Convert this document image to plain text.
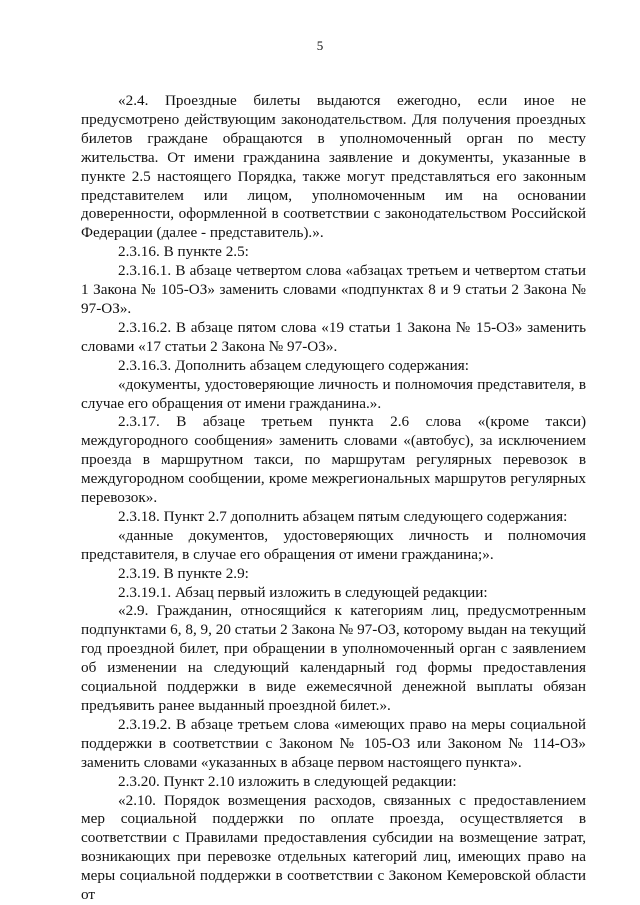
5

«2.4. Проездные билеты выдаются ежегодно, если иное не предусмотрено действующим законодательством. Для получения проездных билетов граждане обращаются в уполномоченный орган по месту жительства. От имени гражданина заявление и документы, указанные в пункте 2.5 настоящего Порядка, также могут представляться его законным представителем или лицом, уполномоченным им на основании доверенности, оформленной в соответствии с законодательством Российской Федерации (далее - представитель).».

2.3.16. В пункте 2.5:

2.3.16.1. В абзаце четвертом слова «абзацах третьем и четвертом статьи 1 Закона № 105-ОЗ» заменить словами «подпунктах 8 и 9 статьи 2 Закона № 97-ОЗ».

2.3.16.2. В абзаце пятом слова «19 статьи 1 Закона № 15-ОЗ» заменить словами «17 статьи 2 Закона № 97-ОЗ».

2.3.16.3. Дополнить абзацем следующего содержания:

«документы, удостоверяющие личность и полномочия представителя, в случае его обращения от имени гражданина.».

2.3.17. В абзаце третьем пункта 2.6 слова «(кроме такси) междугородного сообщения» заменить словами «(автобус), за исключением проезда в маршрутном такси, по маршрутам регулярных перевозок в междугородном сообщении, кроме межрегиональных маршрутов регулярных перевозок».

2.3.18. Пункт 2.7 дополнить абзацем пятым следующего содержания:

«данные документов, удостоверяющих личность и полномочия представителя, в случае его обращения от имени гражданина;».

2.3.19. В пункте 2.9:

2.3.19.1. Абзац первый изложить в следующей редакции:

«2.9. Гражданин, относящийся к категориям лиц, предусмотренным подпунктами 6, 8, 9, 20 статьи 2 Закона № 97-ОЗ, которому выдан на текущий год проездной билет, при обращении в уполномоченный орган с заявлением об изменении на следующий календарный год формы предоставления социальной поддержки в виде ежемесячной денежной выплаты обязан предъявить ранее выданный проездной билет.».

2.3.19.2. В абзаце третьем слова «имеющих право на меры социальной поддержки в соответствии с Законом № 105-ОЗ или Законом № 114-ОЗ» заменить словами «указанных в абзаце первом настоящего пункта».

2.3.20. Пункт 2.10 изложить в следующей редакции:

«2.10. Порядок возмещения расходов, связанных с предоставлением мер социальной поддержки по оплате проезда, осуществляется в соответствии с Правилами предоставления субсидии на возмещение затрат, возникающих при перевозке отдельных категорий лиц, имеющих право на меры социальной поддержки в соответствии с Законом Кемеровской области от
